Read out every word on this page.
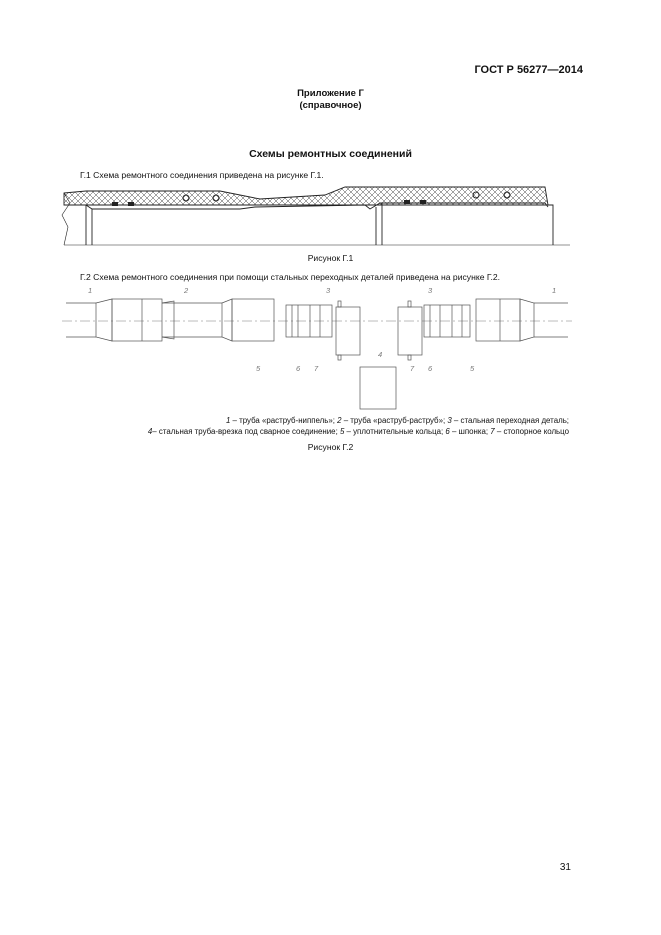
ГОСТ Р 56277—2014
Приложение Г
(справочное)
Схемы ремонтных соединений
Г.1 Схема ремонтного соединения приведена на рисунке Г.1.
Рисунок Г.1
Г.2 Схема ремонтного соединения при помощи стальных переходных деталей приведена на рисунке Г.2.
1	2	3	3	1
4
5	6 7	7 6	5
1 – труба «раструб-ниппель»; 2 – труба «раструб-раструб»; 3 – стальная переходная деталь;
4– стальная труба-врезка под сварное соединение; 5 – уплотнительные кольца; 6 – шпонка; 7 – стопорное кольцо
Рисунок Г.2
31
